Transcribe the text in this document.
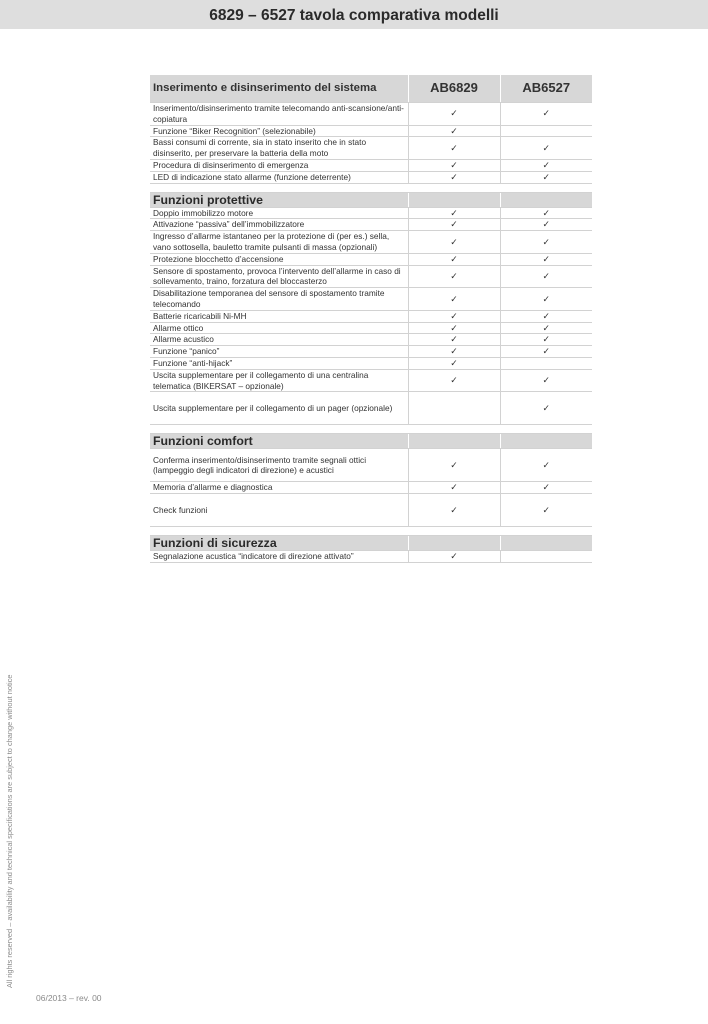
6829 – 6527 tavola comparativa modelli
Inserimento e disinserimento del sistema	AB6829	AB6527
Inserimento/disinserimento tramite telecomando anti-scansione/anti-copiatura	✓	✓
Funzione “Biker Recognition” (selezionabile)	✓	
Bassi consumi di corrente, sia in stato inserito che in stato disinserito, per preservare la batteria della moto	✓	✓
Procedura di disinserimento di emergenza	✓	✓
LED di indicazione stato allarme (funzione deterrente)	✓	✓

Funzioni protettive		
Doppio immobilizzo motore	✓	✓
Attivazione “passiva” dell’immobilizzatore	✓	✓
Ingresso d’allarme istantaneo per la protezione di (per es.) sella, vano sottosella, bauletto tramite pulsanti di massa (opzionali)	✓	✓
Protezione blocchetto d’accensione	✓	✓
Sensore di spostamento, provoca l’intervento dell’allarme in caso di sollevamento, traino, forzatura del bloccasterzo	✓	✓
Disabilitazione temporanea del sensore di spostamento tramite telecomando	✓	✓
Batterie ricaricabili Ni-MH	✓	✓
Allarme ottico	✓	✓
Allarme acustico	✓	✓
Funzione “panico”	✓	✓
Funzione “anti-hijack”	✓	
Uscita supplementare per il collegamento di una centralina telematica (BIKERSAT – opzionale)	✓	✓
Uscita supplementare per il collegamento di un pager (opzionale)		✓

Funzioni comfort		
Conferma inserimento/disinserimento tramite segnali ottici (lampeggio degli indicatori di direzione) e acustici	✓	✓
Memoria d’allarme e diagnostica	✓	✓
Check funzioni	✓	✓

Funzioni di sicurezza		
Segnalazione acustica “indicatore di direzione attivato”	✓	
All rights reserved – availability and technical specifications are subject to change without notice
06/2013 – rev. 00
